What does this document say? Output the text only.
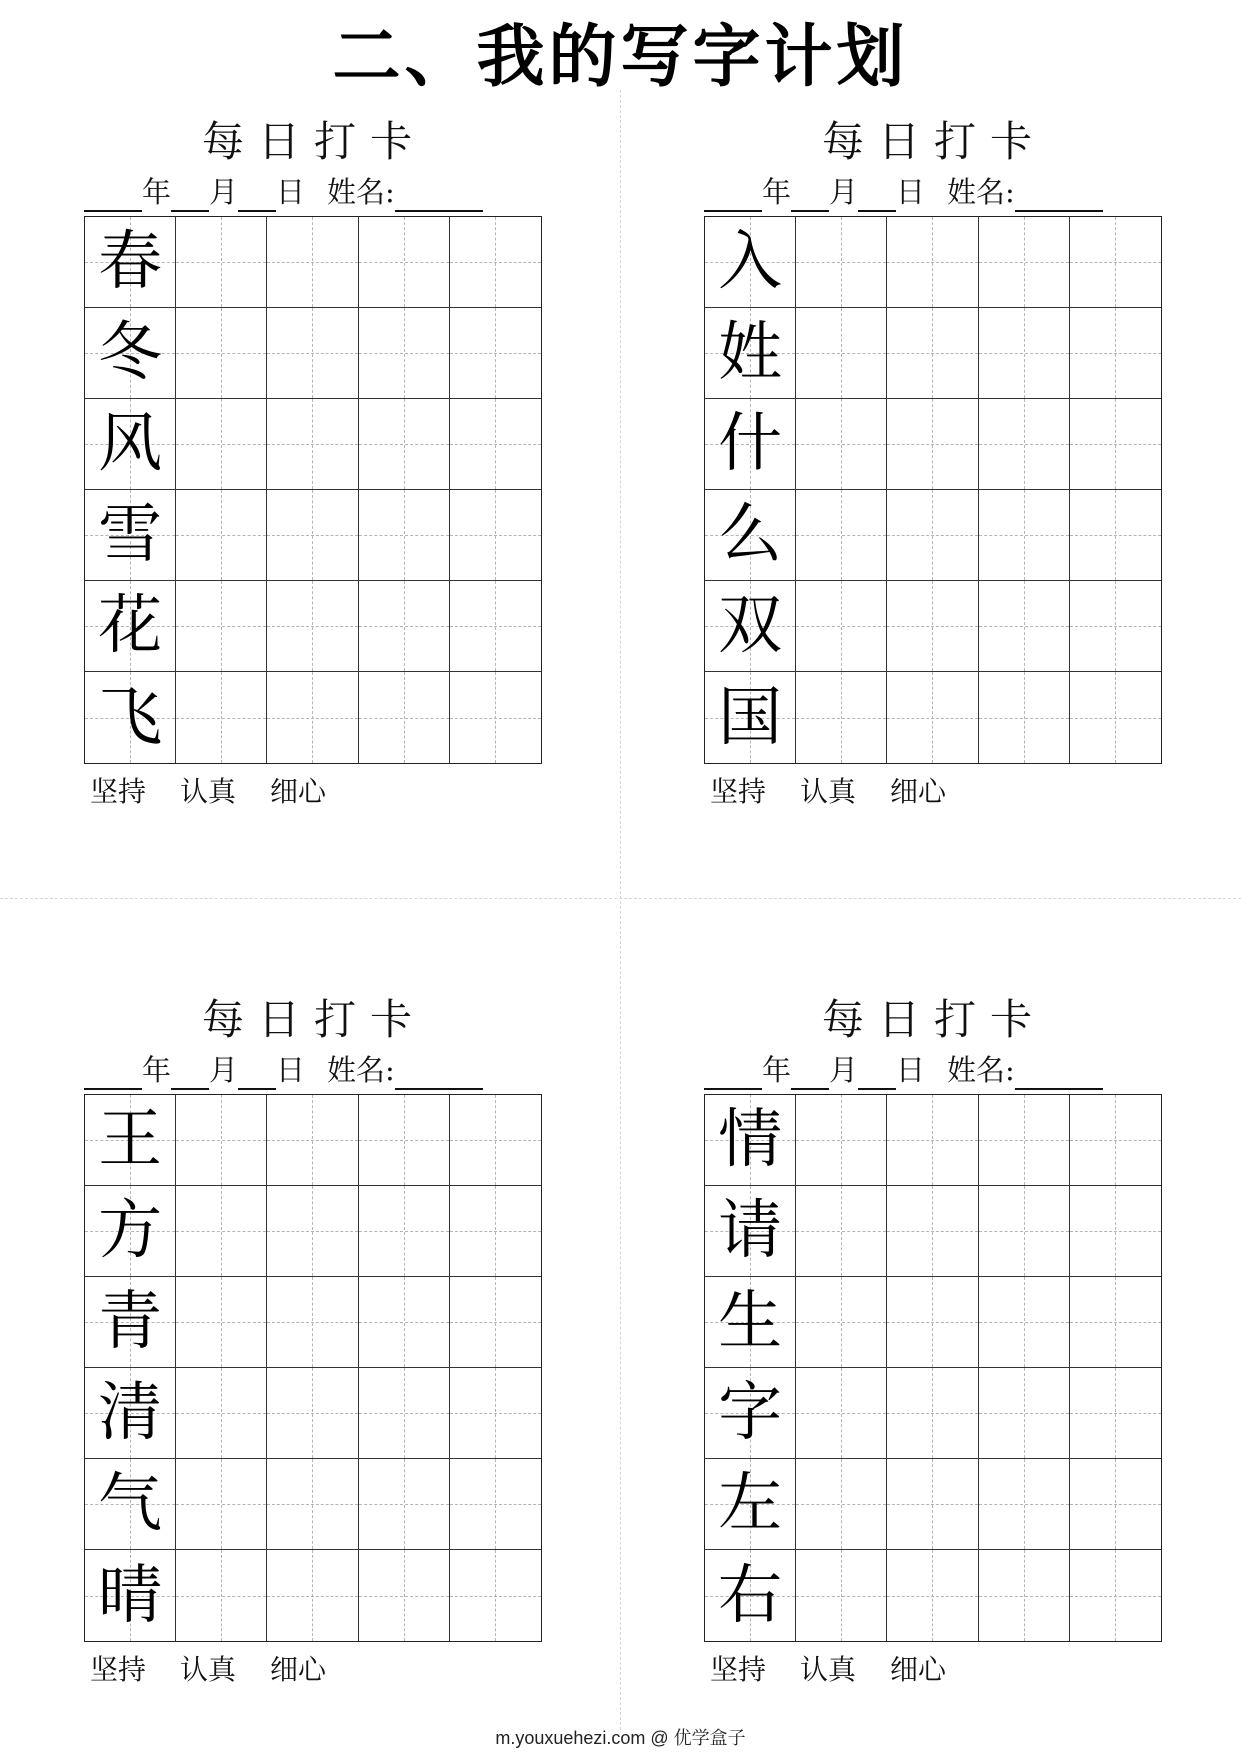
二、我的写字计划
每日打卡
年 月 日 姓名:
春
冬
风
雪
花
飞
坚持 认真 细心
每日打卡
年 月 日 姓名:
入
姓
什
么
双
国
坚持 认真 细心
每日打卡
年 月 日 姓名:
王
方
青
清
气
晴
坚持 认真 细心
每日打卡
年 月 日 姓名:
情
请
生
字
左
右
坚持 认真 细心
m.youxuehezi.com @ 优学盒子
